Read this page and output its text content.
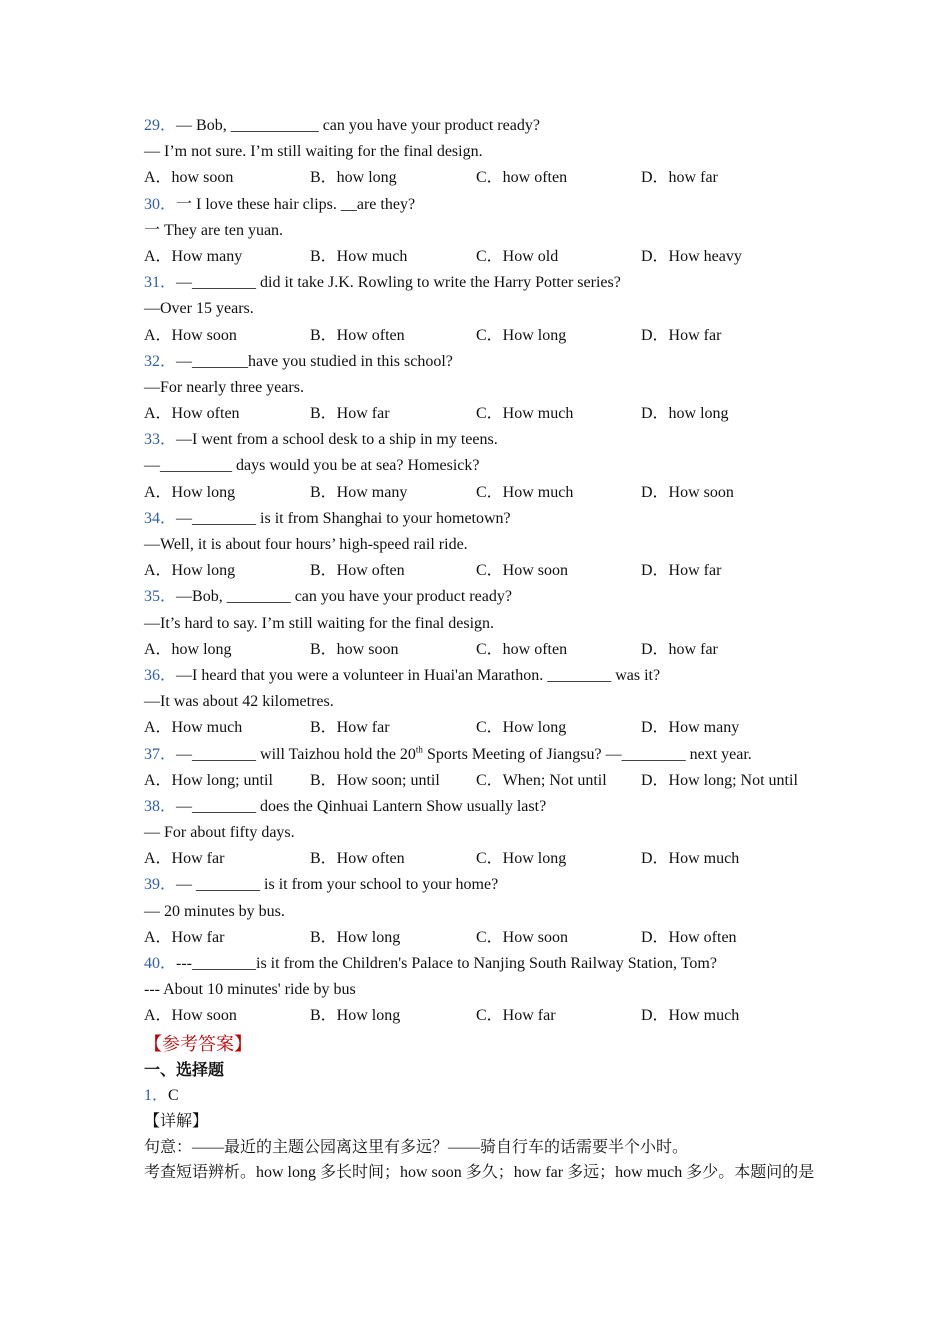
29．— Bob, ___________ can you have your product ready?
— I’m not sure. I’m still waiting for the final design.
A．how soon	B．how long	C．how often	D．how far
30．一 I love these hair clips. __are they?
一 They are ten yuan.
A．How many	B．How much	C．How old	D．How heavy
31．—________ did it take J.K. Rowling to write the Harry Potter series?
—Over 15 years.
A．How soon	B．How often	C．How long	D．How far
32．—_______have you studied in this school?
—For nearly three years.
A．How often	B．How far	C．How much	D．how long
33．—I went from a school desk to a ship in my teens.
—_________ days would you be at sea? Homesick?
A．How long	B．How many	C．How much	D．How soon
34．—________ is it from Shanghai to your hometown?
—Well, it is about four hours’ high-speed rail ride.
A．How long	B．How often	C．How soon	D．How far
35．—Bob, ________ can you have your product ready?
—It’s hard to say. I’m still waiting for the final design.
A．how long	B．how soon	C．how often	D．how far
36．—I heard that you were a volunteer in Huai'an Marathon. ________ was it?
—It was about 42 kilometres.
A．How much	B．How far	C．How long	D．How many
37．—________ will Taizhou hold the 20th Sports Meeting of Jiangsu? —________ next year.
A．How long; until B．How soon; until C．When; Not until D．How long; Not until
38．—________ does the Qinhuai Lantern Show usually last?
— For about fifty days.
A．How far	B．How often	C．How long	D．How much
39．— ________ is it from your school to your home?
— 20 minutes by bus.
A．How far	B．How long	C．How soon	D．How often
40．---________is it from the Children's Palace to Nanjing South Railway Station, Tom?
--- About 10 minutes' ride by bus
A．How soon	B．How long	C．How far	D．How much
【参考答案】
一、选择题
1．C
【详解】
句意：——最近的主题公园离这里有多远？——骑自行车的话需要半个小时。
考查短语辨析。how long 多长时间；how soon 多久；how far 多远；how much 多少。本题问的是
